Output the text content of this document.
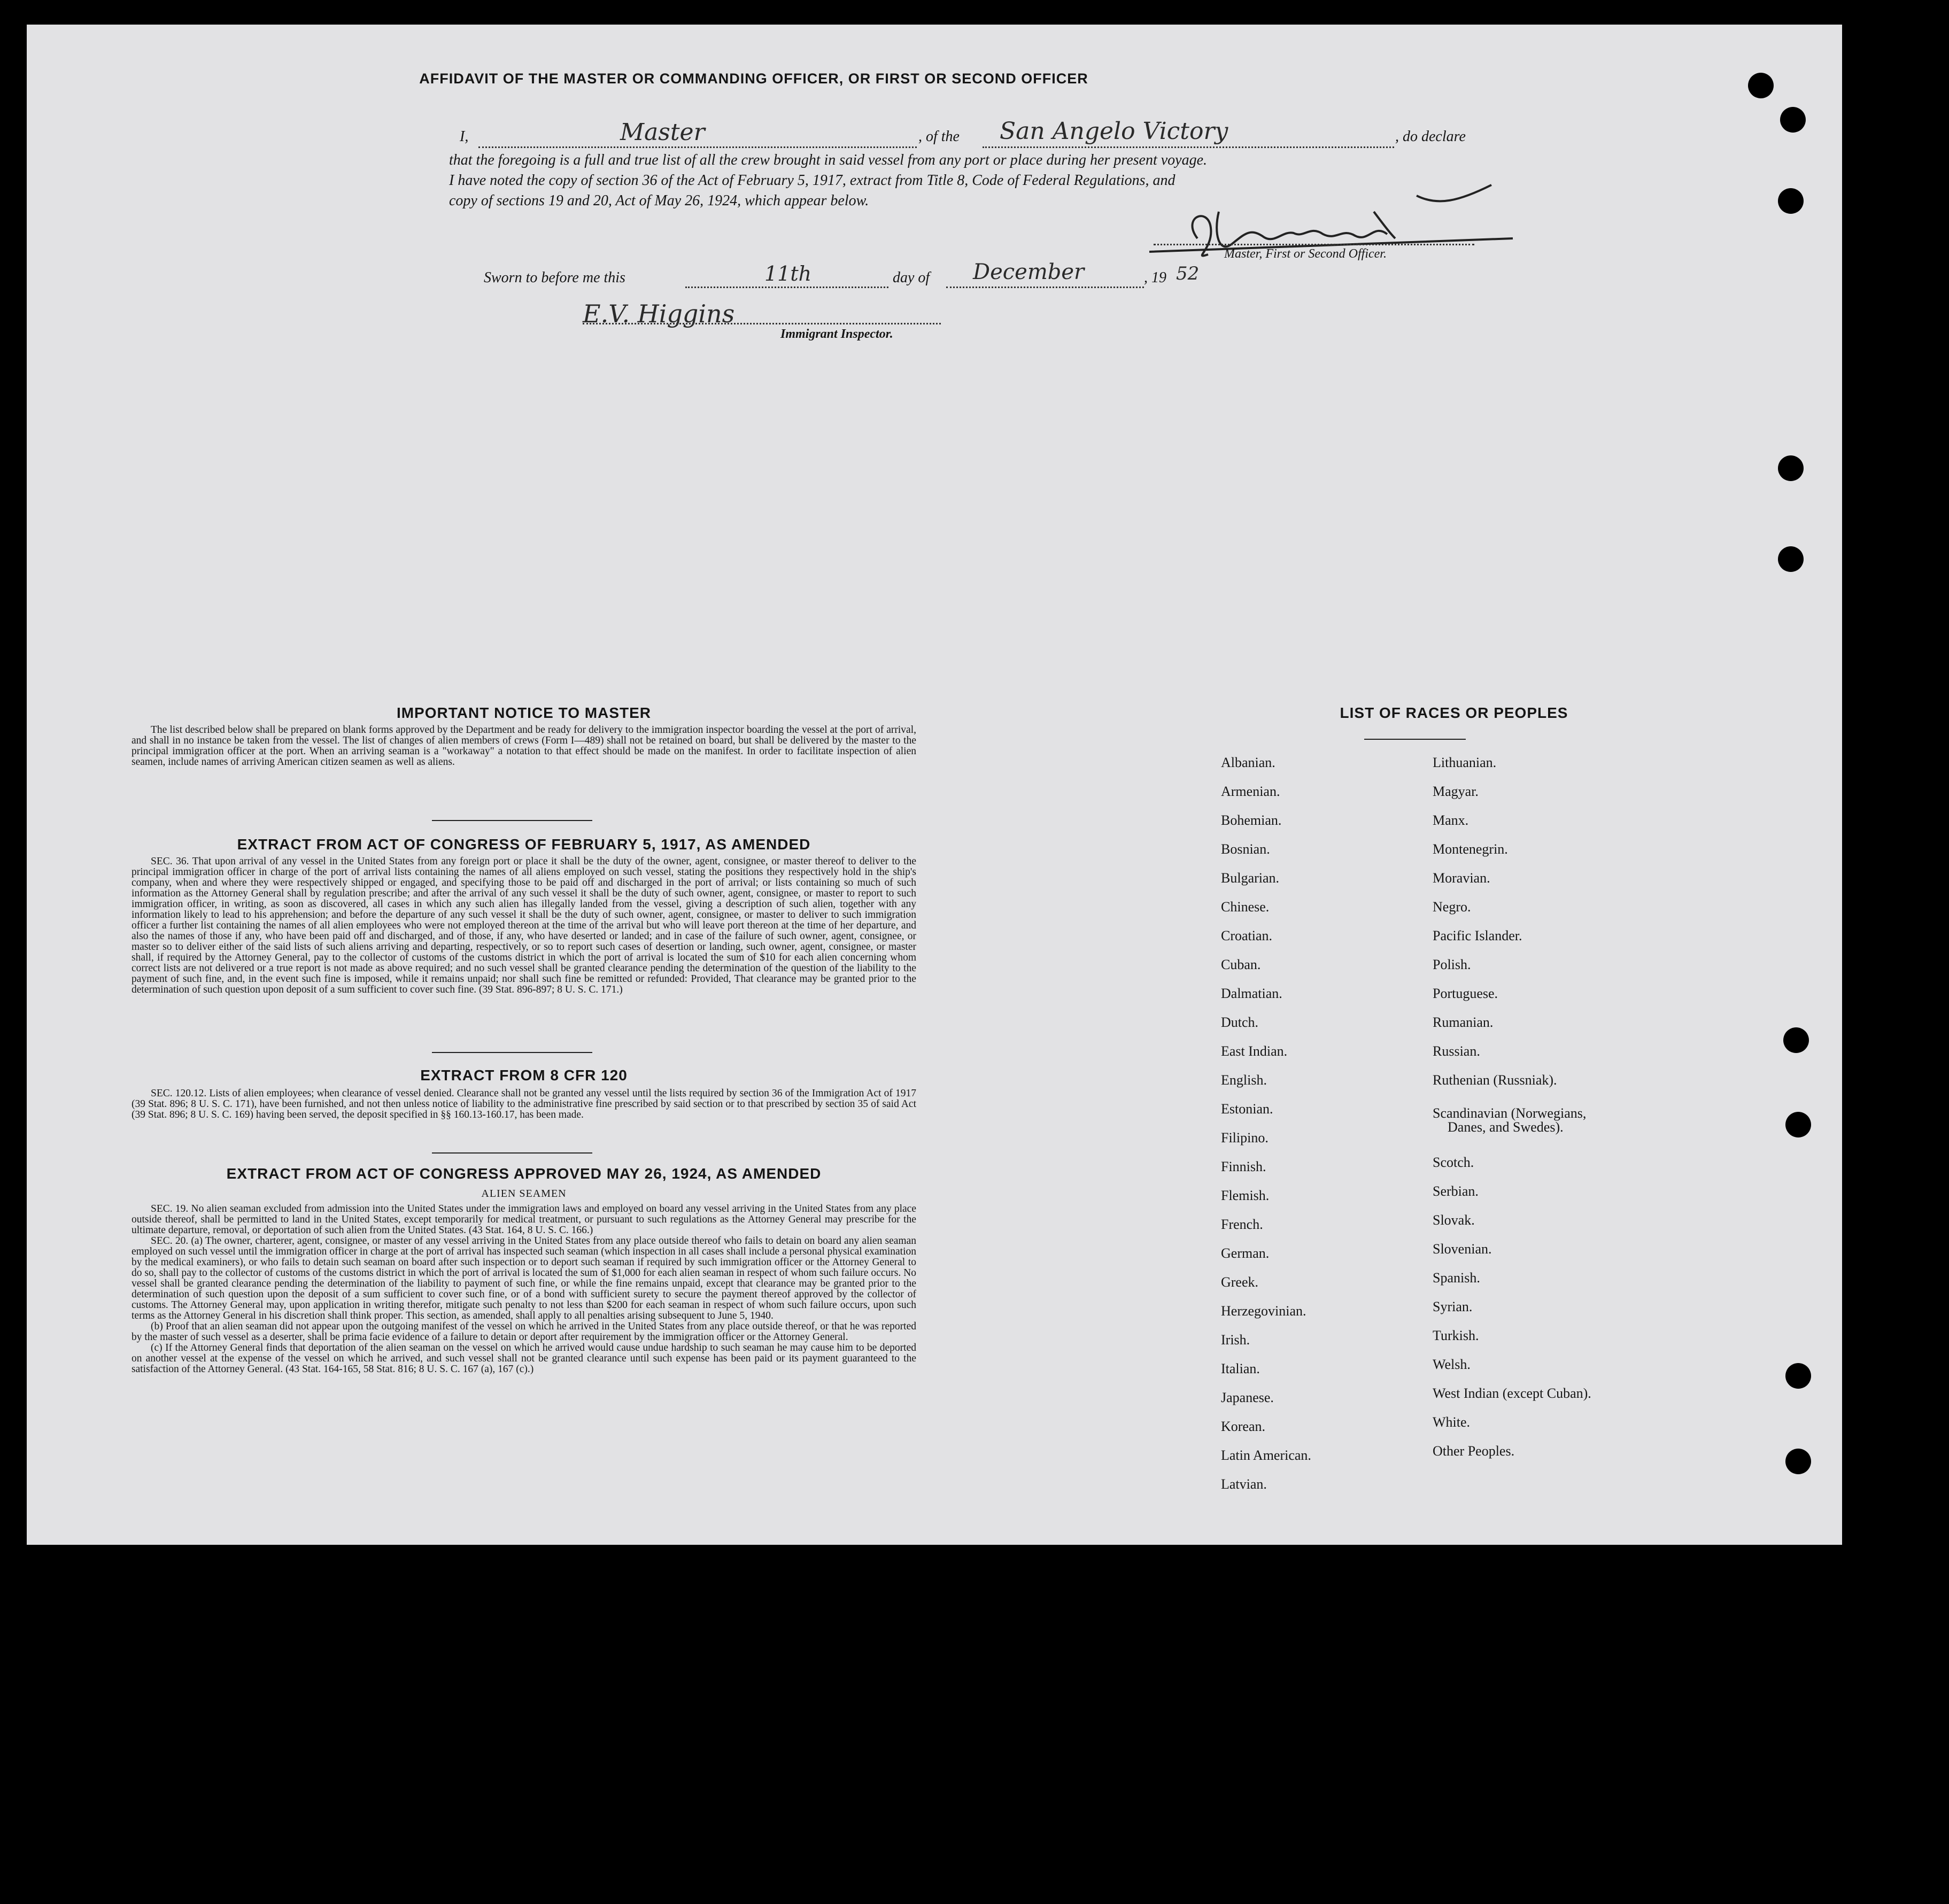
AFFIDAVIT OF THE MASTER OR COMMANDING OFFICER, OR FIRST OR SECOND OFFICER
I,	Master	, of the San Angelo Victory	, do declare
that the foregoing is a full and true list of all the crew brought in said vessel from any port or place during her present voyage.
I have noted the copy of section 36 of the Act of February 5, 1917, extract from Title 8, Code of Federal Regulations, and
copy of sections 19 and 20, Act of May 26, 1924, which appear below.
Master, First or Second Officer.
Sworn to before me this	11th	day of December	, 19 52
E.V. Higgins
Immigrant Inspector.
IMPORTANT NOTICE TO MASTER

The list described below shall be prepared on blank forms approved by the Department and be ready for delivery to the immigration inspector boarding the vessel at the port of arrival, and shall in no instance be taken from the vessel. The list of changes of alien members of crews (Form I—489) shall not be retained on board, but shall be delivered by the master to the principal immigration officer at the port. When an arriving seaman is a "workaway" a notation to that effect should be made on the manifest. In order to facilitate inspection of alien seamen, include names of arriving American citizen seamen as well as aliens.

EXTRACT FROM ACT OF CONGRESS OF FEBRUARY 5, 1917, AS AMENDED

SEC. 36. That upon arrival of any vessel in the United States from any foreign port or place it shall be the duty of the owner, agent, consignee, or master thereof to deliver to the principal immigration officer in charge of the port of arrival lists containing the names of all aliens employed on such vessel, stating the positions they respectively hold in the ship's company, when and where they were respectively shipped or engaged, and specifying those to be paid off and discharged in the port of arrival; or lists containing so much of such information as the Attorney General shall by regulation prescribe; and after the arrival of any such vessel it shall be the duty of such owner, agent, consignee, or master to report to such immigration officer, in writing, as soon as discovered, all cases in which any such alien has illegally landed from the vessel, giving a description of such alien, together with any information likely to lead to his apprehension; and before the departure of any such vessel it shall be the duty of such owner, agent, consignee, or master to deliver to such immigration officer a further list containing the names of all alien employees who were not employed thereon at the time of the arrival but who will leave port thereon at the time of her departure, and also the names of those if any, who have been paid off and discharged, and of those, if any, who have deserted or landed; and in case of the failure of such owner, agent, consignee, or master so to deliver either of the said lists of such aliens arriving and departing, respectively, or so to report such cases of desertion or landing, such owner, agent, consignee, or master shall, if required by the Attorney General, pay to the collector of customs of the customs district in which the port of arrival is located the sum of $10 for each alien concerning whom correct lists are not delivered or a true report is not made as above required; and no such vessel shall be granted clearance pending the determination of the question of the liability to the payment of such fine, and, in the event such fine is imposed, while it remains unpaid; nor shall such fine be remitted or refunded: Provided, That clearance may be granted prior to the determination of such question upon deposit of a sum sufficient to cover such fine. (39 Stat. 896-897; 8 U. S. C. 171.)

EXTRACT FROM 8 CFR 120

SEC. 120.12. Lists of alien employees; when clearance of vessel denied. Clearance shall not be granted any vessel until the lists required by section 36 of the Immigration Act of 1917 (39 Stat. 896; 8 U. S. C. 171), have been furnished, and not then unless notice of liability to the administrative fine prescribed by said section or to that prescribed by section 35 of said Act (39 Stat. 896; 8 U. S. C. 169) having been served, the deposit specified in §§ 160.13-160.17, has been made.

EXTRACT FROM ACT OF CONGRESS APPROVED MAY 26, 1924, AS AMENDED
ALIEN SEAMEN

SEC. 19. No alien seaman excluded from admission into the United States under the immigration laws and employed on board any vessel arriving in the United States from any place outside thereof, shall be permitted to land in the United States, except temporarily for medical treatment, or pursuant to such regulations as the Attorney General may prescribe for the ultimate departure, removal, or deportation of such alien from the United States. (43 Stat. 164, 8 U. S. C. 166.)

SEC. 20. (a) The owner, charterer, agent, consignee, or master of any vessel arriving in the United States from any place outside thereof who fails to detain on board any alien seaman employed on such vessel until the immigration officer in charge at the port of arrival has inspected such seaman (which inspection in all cases shall include a personal physical examination by the medical examiners), or who fails to detain such seaman on board after such inspection or to deport such seaman if required by such immigration officer or the Attorney General to do so, shall pay to the collector of customs of the customs district in which the port of arrival is located the sum of $1,000 for each alien seaman in respect of whom such failure occurs. No vessel shall be granted clearance pending the determination of the liability to payment of such fine, or while the fine remains unpaid, except that clearance may be granted prior to the determination of such question upon the deposit of a sum sufficient to cover such fine, or of a bond with sufficient surety to secure the payment thereof approved by the collector of customs. The Attorney General may, upon application in writing therefor, mitigate such penalty to not less than $200 for each seaman in respect of whom such failure occurs, upon such terms as the Attorney General in his discretion shall think proper. This section, as amended, shall apply to all penalties arising subsequent to June 5, 1940.

(b) Proof that an alien seaman did not appear upon the outgoing manifest of the vessel on which he arrived in the United States from any place outside thereof, or that he was reported by the master of such vessel as a deserter, shall be prima facie evidence of a failure to detain or deport after requirement by the immigration officer or the Attorney General.

(c) If the Attorney General finds that deportation of the alien seaman on the vessel on which he arrived would cause undue hardship to such seaman he may cause him to be deported on another vessel at the expense of the vessel on which he arrived, and such vessel shall not be granted clearance until such expense has been paid or its payment guaranteed to the satisfaction of the Attorney General. (43 Stat. 164-165, 58 Stat. 816; 8 U. S. C. 167 (a), 167 (c).)

LIST OF RACES OR PEOPLES
Albanian.
Armenian.
Bohemian.
Bosnian.
Bulgarian.
Chinese.
Croatian.
Cuban.
Dalmatian.
Dutch.
East Indian.
English.
Estonian.
Filipino.
Finnish.
Flemish.
French.
German.
Greek.
Herzegovinian.
Irish.
Italian.
Japanese.
Korean.
Latin American.
Latvian.
Lithuanian.
Magyar.
Manx.
Montenegrin.
Moravian.
Negro.
Pacific Islander.
Polish.
Portuguese.
Rumanian.
Russian.
Ruthenian (Russniak).
Scandinavian (Norwegians,
Danes, and Swedes).
Scotch.
Serbian.
Slovak.
Slovenian.
Spanish.
Syrian.
Turkish.
Welsh.
West Indian (except Cuban).
White.
Other Peoples.
